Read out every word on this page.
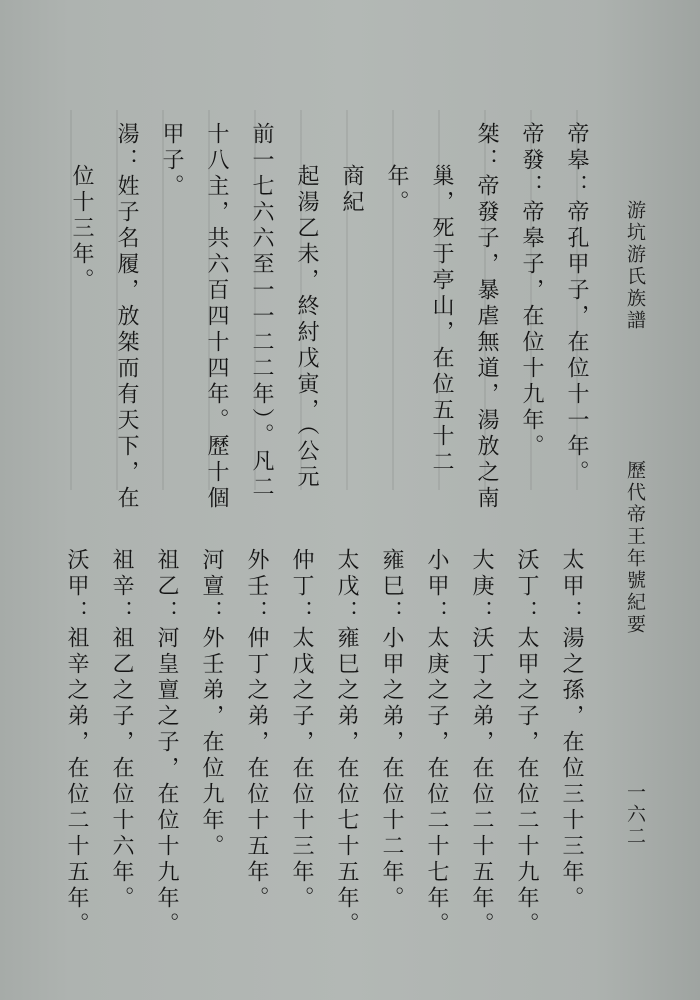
游坑游氏族譜
歷代帝王年號紀要
一六二
帝皋：帝孔甲子，在位十一年。
帝發：帝皋子，在位十九年。
桀：帝發子，暴虐無道，湯放之南
巢，死于亭山，在位五十二
年。
商紀
起湯乙未，終紂戊寅，（公元
前一七六六至一一二二年）。凡二
十八主，共六百四十四年。歷十個
甲子。
湯：姓子名履，放桀而有天下，在
位十三年。
太甲：湯之孫，在位三十三年。
沃丁：太甲之子，在位二十九年。
大庚：沃丁之弟，在位二十五年。
小甲：太庚之子，在位二十七年。
雍巳：小甲之弟，在位十二年。
太戊：雍巳之弟，在位七十五年。
仲丁：太戊之子，在位十三年。
外壬：仲丁之弟，在位十五年。
河亶：外壬弟，在位九年。
祖乙：河皇亶之子，在位十九年。
祖辛：祖乙之子，在位十六年。
沃甲：祖辛之弟，在位二十五年。
